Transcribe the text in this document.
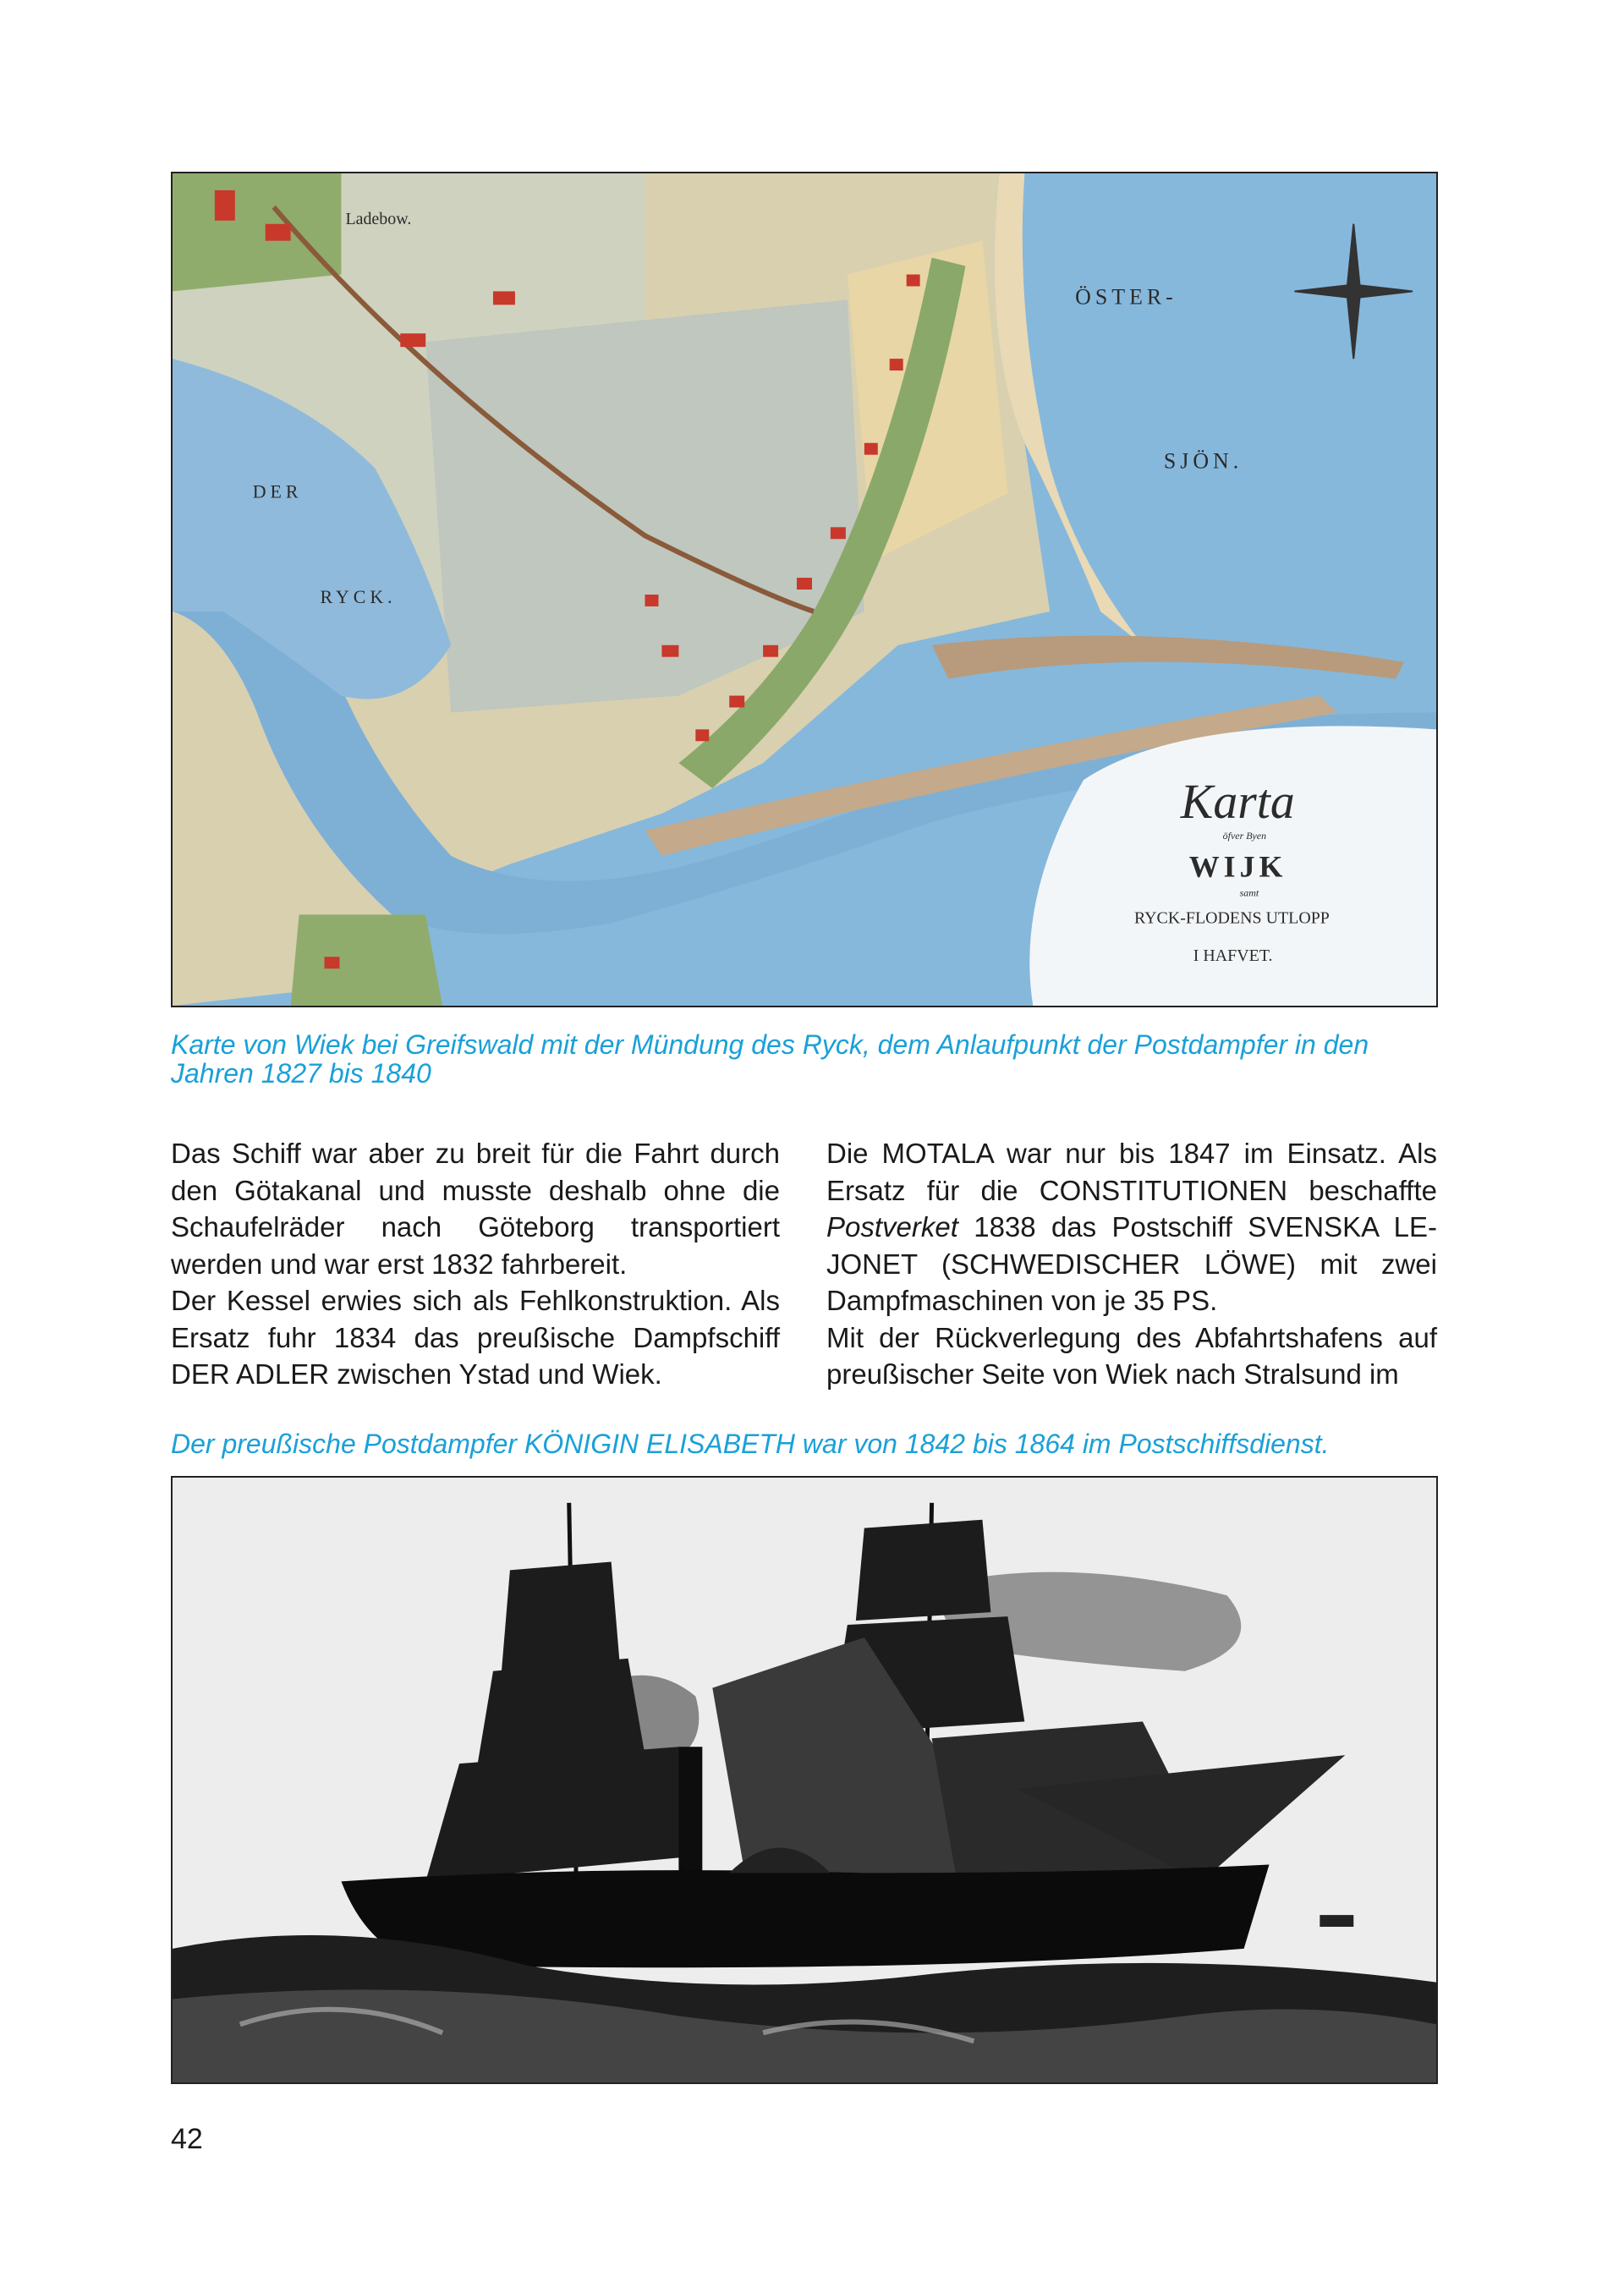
Ladebow.
ÖSTER-
SJÖN.
DER
RYCK.
Karta
öfver Byen
WIJK
samt
RYCK-FLODENS UTLOPP
I HAFVET.
Karte von Wiek bei Greifswald mit der Mündung des Ryck, dem Anlaufpunkt der Postdampfer in den Jahren 1827 bis 1840

Das Schiff war aber zu breit für die Fahrt durch den Götakanal und musste deshalb ohne die Schaufelräder nach Göteborg transportiert werden und war erst 1832 fahrbereit.

Der Kessel erwies sich als Fehlkonstruktion. Als Ersatz fuhr 1834 das preußische Dampfschiff DER ADLER zwischen Ystad und Wiek.

Die MOTALA war nur bis 1847 im Einsatz. Als Ersatz für die CONSTITUTIONEN beschaffte Postverket 1838 das Postschiff SVENSKA LEJONET (SCHWEDISCHER LÖWE) mit zwei Dampfmaschinen von je 35 PS.

Mit der Rückverlegung des Abfahrtshafens auf preußischer Seite von Wiek nach Stralsund im

Der preußische Postdampfer KÖNIGIN ELISABETH war von 1842 bis 1864 im Postschiffsdienst.
42
